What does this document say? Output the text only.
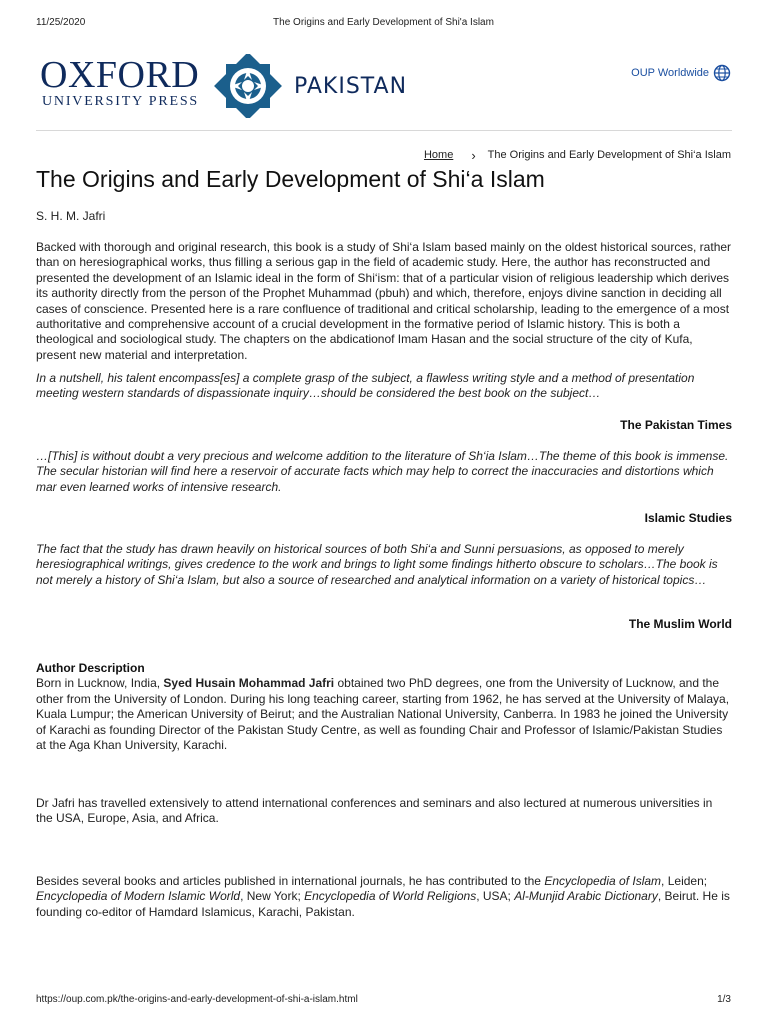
11/25/2020	The Origins and Early Development of Shi'a Islam
OXFORD
UNIVERSITY PRESS
PAKISTAN
OUP Worldwide
Home › The Origins and Early Development of Shi‘a Islam
The Origins and Early Development of Shi‘a Islam

S. H. M. Jafri

Backed with thorough and original research, this book is a study of Shi‘a Islam based mainly on the oldest historical sources, rather than on heresiographical works, thus filling a serious gap in the field of academic study. Here, the author has reconstructed and presented the development of an Islamic ideal in the form of Shi‘ism: that of a particular vision of religious leadership which derives its authority directly from the person of the Prophet Muhammad (pbuh) and which, therefore, enjoys divine sanction in deciding all cases of conscience. Presented here is a rare confluence of traditional and critical scholarship, leading to the emergence of a most authoritative and comprehensive account of a crucial development in the formative period of Islamic history. This is both a theological and sociological study. The chapters on the abdicationof Imam Hasan and the social structure of the city of Kufa, present new material and interpretation.

In a nutshell, his talent encompass[es] a complete grasp of the subject, a flawless writing style and a method of presentation meeting western standards of dispassionate inquiry…should be considered the best book on the subject…

The Pakistan Times

…[This] is without doubt a very precious and welcome addition to the literature of Sh‘ia Islam…The theme of this book is immense. The secular historian will find here a reservoir of accurate facts which may help to correct the inaccuracies and distortions which mar even learned works of intensive research.

Islamic Studies

The fact that the study has drawn heavily on historical sources of both Shi‘a and Sunni persuasions, as opposed to merely heresiographical writings, gives credence to the work and brings to light some findings hitherto obscure to scholars…The book is not merely a history of Shi‘a Islam, but also a source of researched and analytical information on a variety of historical topics…

The Muslim World
Author Description

Born in Lucknow, India, Syed Husain Mohammad Jafri obtained two PhD degrees, one from the University of Lucknow, and the other from the University of London. During his long teaching career, starting from 1962, he has served at the University of Malaya, Kuala Lumpur; the American University of Beirut; and the Australian National University, Canberra. In 1983 he joined the University of Karachi as founding Director of the Pakistan Study Centre, as well as founding Chair and Professor of Islamic/Pakistan Studies at the Aga Khan University, Karachi.

Dr Jafri has travelled extensively to attend international conferences and seminars and also lectured at numerous universities in the USA, Europe, Asia, and Africa.

Besides several books and articles published in international journals, he has contributed to the Encyclopedia of Islam, Leiden; Encyclopedia of Modern Islamic World, New York; Encyclopedia of World Religions, USA; Al-Munjid Arabic Dictionary, Beirut. He is founding co-editor of Hamdard Islamicus, Karachi, Pakistan.

https://oup.com.pk/the-origins-and-early-development-of-shi-a-islam.html	1/3
